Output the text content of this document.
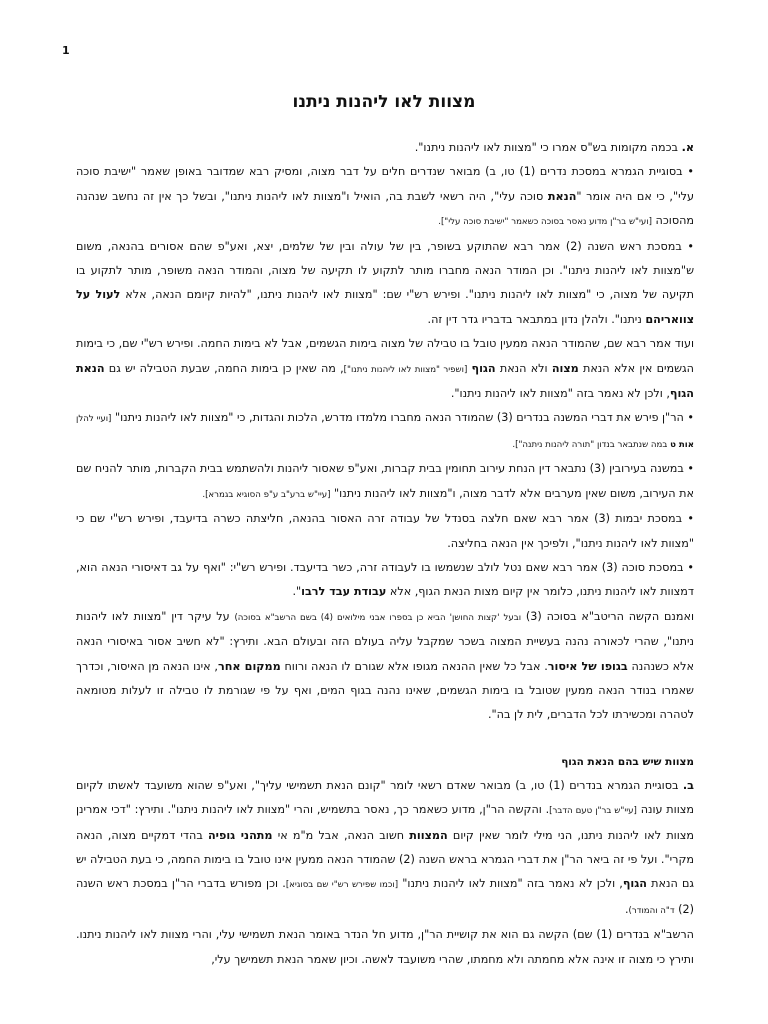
1
מצוות לאו ליהנות ניתנו

א. בכמה מקומות בש"ס אמרו כי "מצוות לאו ליהנות ניתנו".

• בסוגיית הגמרא במסכת נדרים (1) טו, ב) מבואר שנדרים חלים על דבר מצוה, ומסיק רבא שמדובר באופן שאמר "ישיבת סוכה עלי", כי אם היה אומר "הנאת סוכה עלי", היה רשאי לשבת בה, הואיל ו"מצוות לאו ליהנות ניתנו", ובשל כך אין זה נחשב שנהנה מהסוכה [ועי"ש בר"ן מדוע נאסר בסוכה כשאמר "ישיבת סוכה עלי"].

• במסכת ראש השנה (2) אמר רבא שהתוקע בשופר, בין של עולה ובין של שלמים, יצא, ואע"פ שהם אסורים בהנאה, משום ש"מצוות לאו ליהנות ניתנו". וכן המודר הנאה מחברו מותר לתקוע לו תקיעה של מצוה, והמודר הנאה משופר, מותר לתקוע בו תקיעה של מצוה, כי "מצוות לאו ליהנות ניתנו". ופירש רש"י שם: "מצוות לאו ליהנות ניתנו, "להיות קיומם הנאה, אלא לעול על צווארי​הם ניתנו". ולהלן נדון במתבאר בדבריו גדר דין זה.

ועוד אמר רבא שם, שהמודר הנאה ממעין טובל בו טבילה של מצוה בימות הגשמים, אבל לא בימות החמה. ופירש רש"י שם, כי בימות הגשמים אין אלא הנאת מצוה ולא הנאת הגוף [ושפיר "מצוות לאו ליהנות ניתנו"], מה שאין כן בימות החמה, שבעת הטבילה יש גם הנאת הגוף, ולכן לא נאמר בזה "מצוות לאו ליהנות ניתנו".

• הר"ן פירש את דברי המשנה בנדרים (3) שהמודר הנאה מחברו מלמדו מדרש, הלכות והגדות, כי "מצוות לאו ליהנות ניתנו" [ועיי להלן אות ט במה שנתבאר בנדון "תורה ליהנות ניתנה"].

• במשנה בעירובין (3) נתבאר דין הנחת עירוב תחומין בבית קברות, ואע"פ שאסור ליהנות ולהשתמש בבית הקברות, מותר להניח שם את העירוב, משום שאין מערבים אלא לדבר מצוה, ו"מצוות לאו ליהנות ניתנו" [עיי"ש ברע"ב ע"פ הסוגיא בגמרא].

• במסכת יבמות (3) אמר רבא שאם חלצה בסנדל של עבודה זרה האסור בהנאה, חליצתה כשרה בדיעבד, ופירש רש"י שם כי "מצוות לאו ליהנות ניתנו", ולפיכך אין הנאה בחליצה.

• במסכת סוכה (3) אמר רבא שאם נטל לולב שנשמשו בו לעבודה זרה, כשר בדיעבד. ופירש רש"י: "ואף על גב דאיסורי הנאה הוא, דמצוות לאו ליהנות ניתנו, כלומר אין קיום מצות הנאת הגוף, אלא עבודת עבד לרבו".

ואמנם הקשה הריטב"א בסוכה (3) ובעל 'קצות החושן' הביא כן בספרו אבני מילואים (4) בשם הרשב"א בסוכה) על עיקר דין "מצוות לאו ליהנות ניתנו", שהרי לכאורה נהנה בעשיית המצוה בשכר שמקבל עליה בעולם הזה ובעולם הבא. ותירץ: "לא חשיב אסור באיסורי הנאה אלא כשנהנה בגופו של איסור. אבל כל שאין ההנאה מגופו אלא שגורם לו הנאה ורווח ממקום אחר, אינו הנאה מן האיסור, וכדרך שאמרו בנודר הנאה ממעין שטובל בו בימות הגשמים, שאינו נהנה בגוף המים, ואף על פי שגורמת לו טבילה זו לעלות מטומאה לטהרה ומכשירתו לכל הדברים, לית לן בה".

מצוות שיש בהם הנאת הגוף

ב. בסוגיית הגמרא בנדרים (1) טו, ב) מבואר שאדם רשאי לומר "קונם הנאת תשמישי עליך", ואע"פ שהוא משועבד לאשתו לקיום מצוות עונה [עיי"ש בר"ן טעם הדבר]. והקשה הר"ן, מדוע כשאמר כך, נאסר בתשמיש, והרי "מצוות לאו ליהנות ניתנו". ותירץ: "דכי אמרינן מצוות לאו ליהנות ניתנו, הני מילי לומר שאין קיום המצוות חשוב הנאה, אבל מ"מ אי מתהני גופיה בהדי דמקיים מצוה, הנאה מקרי". ועל פי זה ביאר הר"ן את דברי הגמרא בראש השנה (2) שהמודר הנאה ממעין אינו טובל בו בימות החמה, כי בעת הטבילה יש גם הנאת הגוף, ולכן לא נאמר בזה "מצוות לאו ליהנות ניתנו" [וכמו שפירש רש"י שם בסוגיא]. וכן מפורש בדברי הר"ן במסכת ראש השנה (2) ד"ה והמודר).

הרשב"א בנדרים (1) שם) הקשה גם הוא את קושיית הר"ן, מדוע חל הנדר באומר הנאת תשמישי עלי, והרי מצוות לאו ליהנות ניתנו. ותירץ כי מצוה זו אינה אלא מחמתה ולא מחמתו, שהרי משועבד לאשה. וכיון שאמר הנאת תשמישך עלי,
